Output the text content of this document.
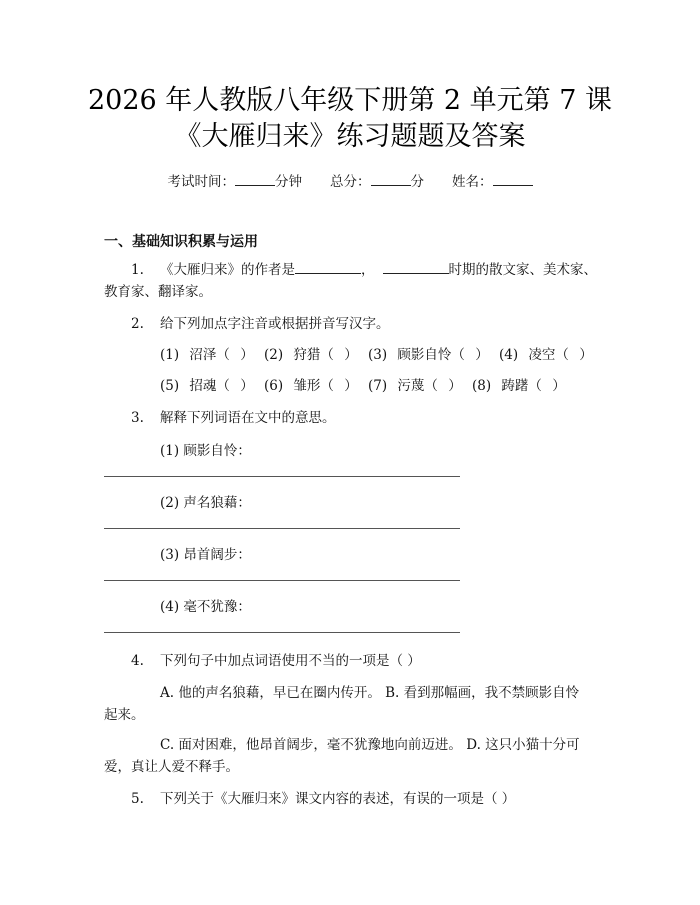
2026 年人教版八年级下册第 2 单元第 7 课
《大雁归来》练习题题及答案
考试时间：	分钟 总分：	分 姓名：
一、基础知识积累与运用
1. 《大雁归来》的作者是	，	时期的散文家、美术家、
教育家、翻译家。
2. 给下列加点字注音或根据拼音写汉字。
(1) 沼泽（ ） (2) 狩猎（ ） (3) 顾影自怜（ ） (4) 凌空（ ）
(5) 招魂（ ） (6) 雏形（ ） (7) 污蔑（ ） (8) 踌躇（ ）
3. 解释下列词语在文中的意思。
(1) 顾影自怜：
(2) 声名狼藉：
(3) 昂首阔步：
(4) 毫不犹豫：
4. 下列句子中加点词语使用不当的一项是（ ）
A. 他的声名狼藉，早已在圈内传开。 B. 看到那幅画，我不禁顾影自怜
起来。
C. 面对困难，他昂首阔步，毫不犹豫地向前迈进。 D. 这只小猫十分可
爱，真让人爱不释手。
5. 下列关于《大雁归来》课文内容的表述，有误的一项是（ ）
